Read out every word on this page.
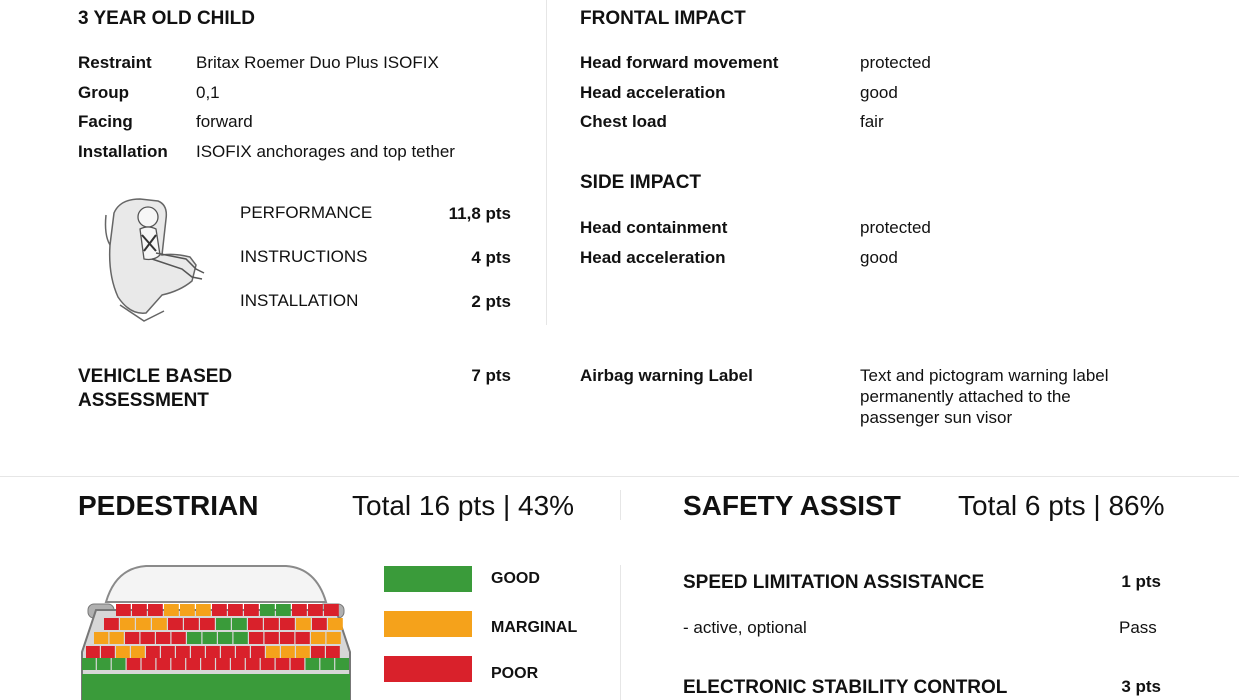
3 YEAR OLD CHILD
Restraint	Britax Roemer Duo Plus ISOFIX
Group	0,1
Facing	forward
Installation ISOFIX anchorages and top tether
PERFORMANCE	11,8 pts
INSTRUCTIONS	4 pts
INSTALLATION	2 pts
VEHICLE BASED
ASSESSMENT
7 pts
FRONTAL IMPACT
Head forward movement	protected
Head acceleration	good
Chest load	fair
SIDE IMPACT
Head containment	protected
Head acceleration	good
Airbag warning Label	Text and pictogram warning label
permanently attached to the
passenger sun visor
PEDESTRIAN	Total 16 pts | 43%
GOOD
MARGINAL
POOR
SAFETY ASSIST Total 6 pts | 86%
SPEED LIMITATION ASSISTANCE	1 pts
- active, optional	Pass
ELECTRONIC STABILITY CONTROL	3 pts
